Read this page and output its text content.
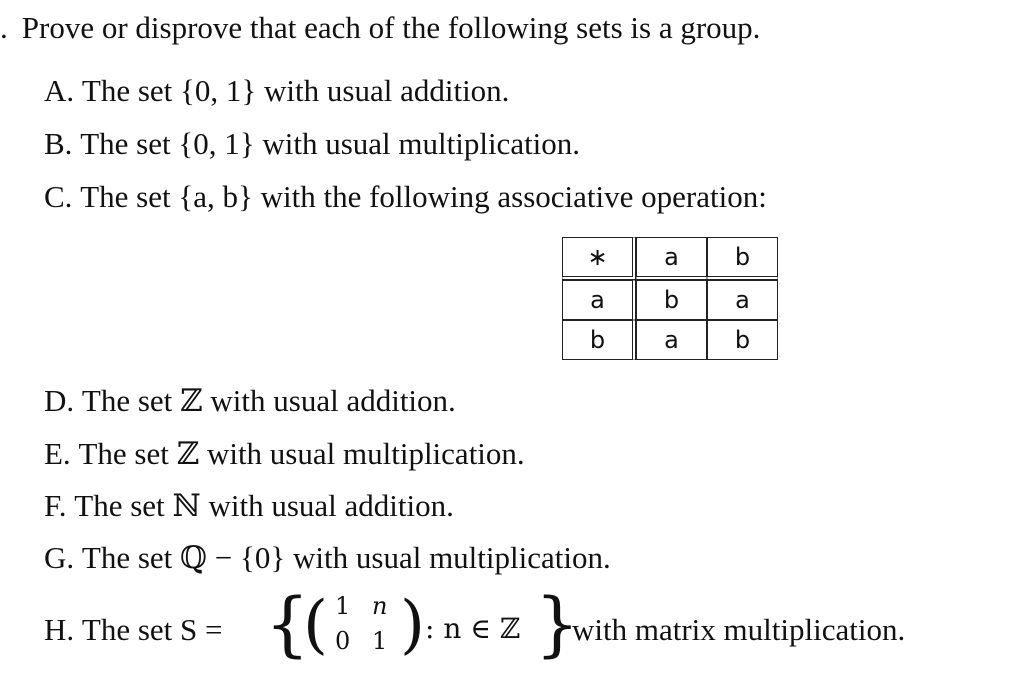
. Prove or disprove that each of the following sets is a group.
A. The set {0, 1} with usual addition.
B. The set {0, 1} with usual multiplication.
C. The set {a, b} with the following associative operation:
∗	a	b
a	b	a
b	a	b
D. The set ℤ with usual addition.
E. The set ℤ with usual multiplication.
F. The set ℕ with usual addition.
G. The set ℚ − {0} with usual multiplication.
H. The set S = {
( 1 n
0 1 ) : n ∈ ℤ }
with matrix multiplication.
